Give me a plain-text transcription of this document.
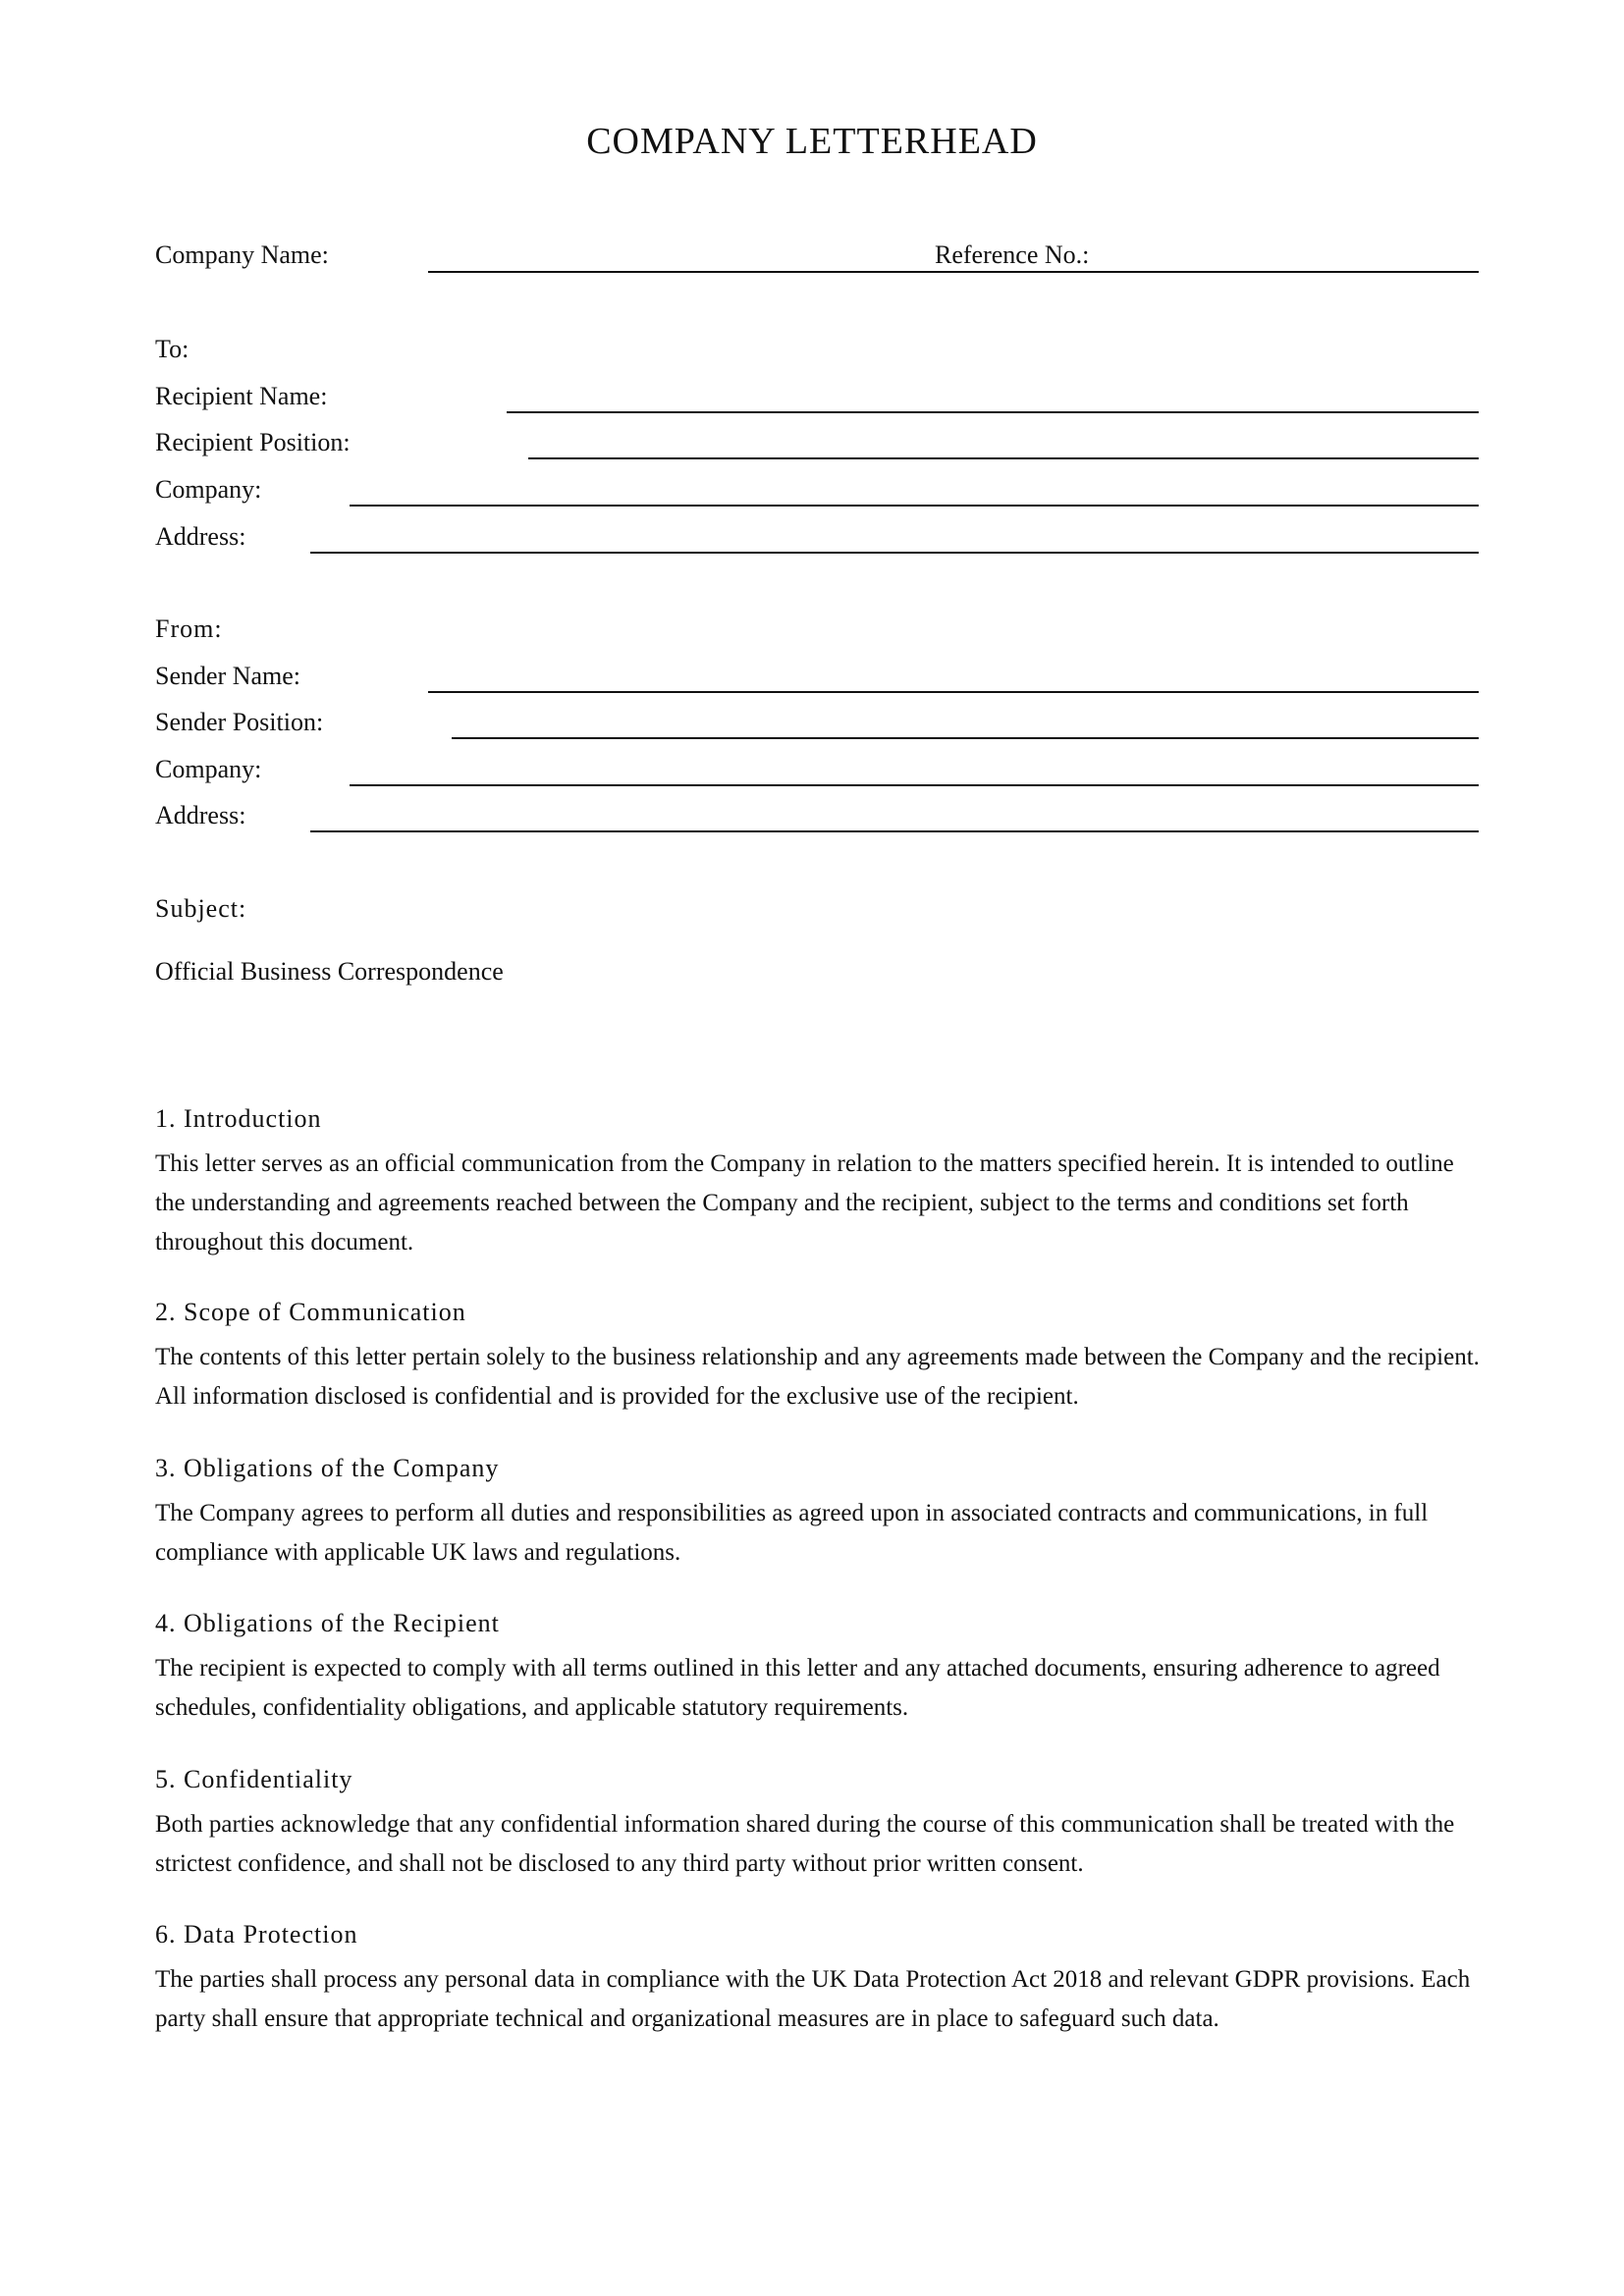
COMPANY LETTERHEAD
Company Name:	Reference No.:
To:
Recipient Name:
Recipient Position:
Company:
Address:
From:
Sender Name:
Sender Position:
Company:
Address:
Subject:
Official Business Correspondence
1. Introduction
This letter serves as an official communication from the Company in relation to the matters specified herein. It is intended to outline the understanding and agreements reached between the Company and the recipient, subject to the terms and conditions set forth throughout this document.
2. Scope of Communication
The contents of this letter pertain solely to the business relationship and any agreements made between the Company and the recipient. All information disclosed is confidential and is provided for the exclusive use of the recipient.
3. Obligations of the Company
The Company agrees to perform all duties and responsibilities as agreed upon in associated contracts and communications, in full compliance with applicable UK laws and regulations.
4. Obligations of the Recipient
The recipient is expected to comply with all terms outlined in this letter and any attached documents, ensuring adherence to agreed schedules, confidentiality obligations, and applicable statutory requirements.
5. Confidentiality
Both parties acknowledge that any confidential information shared during the course of this communication shall be treated with the strictest confidence, and shall not be disclosed to any third party without prior written consent.
6. Data Protection
The parties shall process any personal data in compliance with the UK Data Protection Act 2018 and relevant GDPR provisions. Each party shall ensure that appropriate technical and organizational measures are in place to safeguard such data.
